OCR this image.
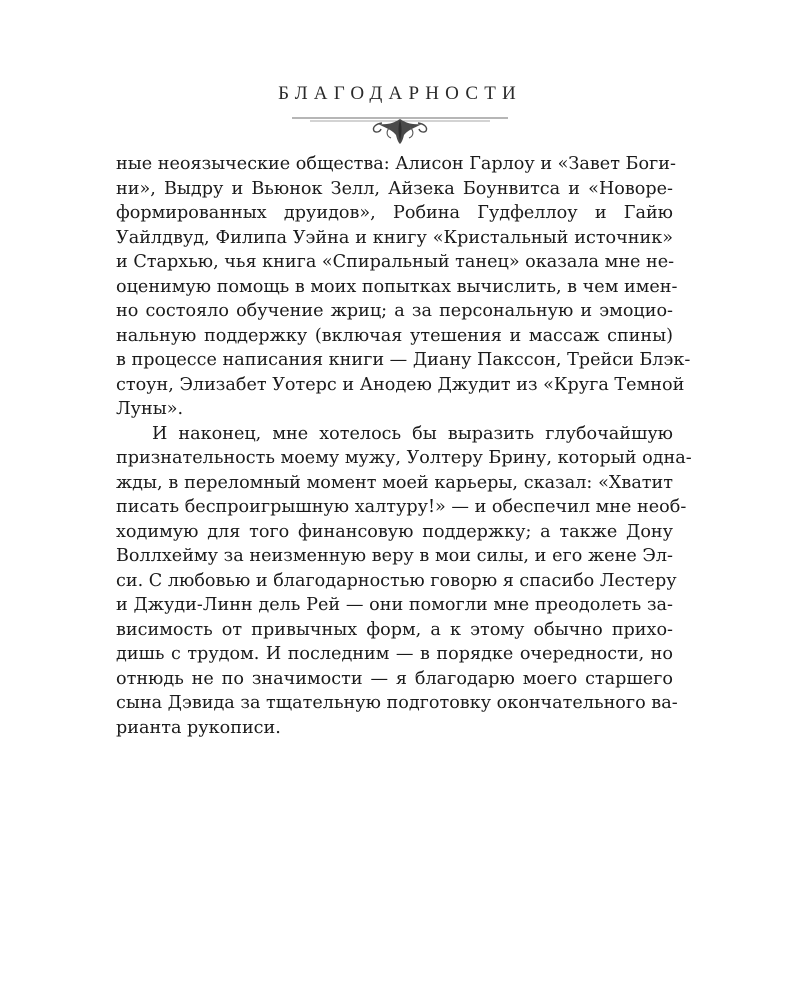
БЛАГОДАРНОСТИ
ные неоязыческие общества: Алисон Гарлоу и «Завет Боги-
ни», Выдру и Вьюнок Зелл, Айзека Боунвитса и «Новоре-
формированных друидов», Робина Гудфеллоу и Гайю
Уайлдвуд, Филипа Уэйна и книгу «Кристальный источник»
и Стархью, чья книга «Спиральный танец» оказала мне не-
оценимую помощь в моих попытках вычислить, в чем имен-
но состояло обучение жриц; а за персональную и эмоцио-
нальную поддержку (включая утешения и массаж спины)
в процессе написания книги — Диану Пакссон, Трейси Блэк-
стоун, Элизабет Уотерс и Анодею Джудит из «Круга Темной
Луны».
И наконец, мне хотелось бы выразить глубочайшую
признательность моему мужу, Уолтеру Брину, который одна-
жды, в переломный момент моей карьеры, сказал: «Хватит
писать беспроигрышную халтуру!» — и обеспечил мне необ-
ходимую для того финансовую поддержку; а также Дону
Воллхейму за неизменную веру в мои силы, и его жене Эл-
си. С любовью и благодарностью говорю я спасибо Лестеру
и Джуди-Линн дель Рей — они помогли мне преодолеть за-
висимость от привычных форм, а к этому обычно прихо-
дишь с трудом. И последним — в порядке очередности, но
отнюдь не по значимости — я благодарю моего старшего
сына Дэвида за тщательную подготовку окончательного ва-
рианта рукописи.
